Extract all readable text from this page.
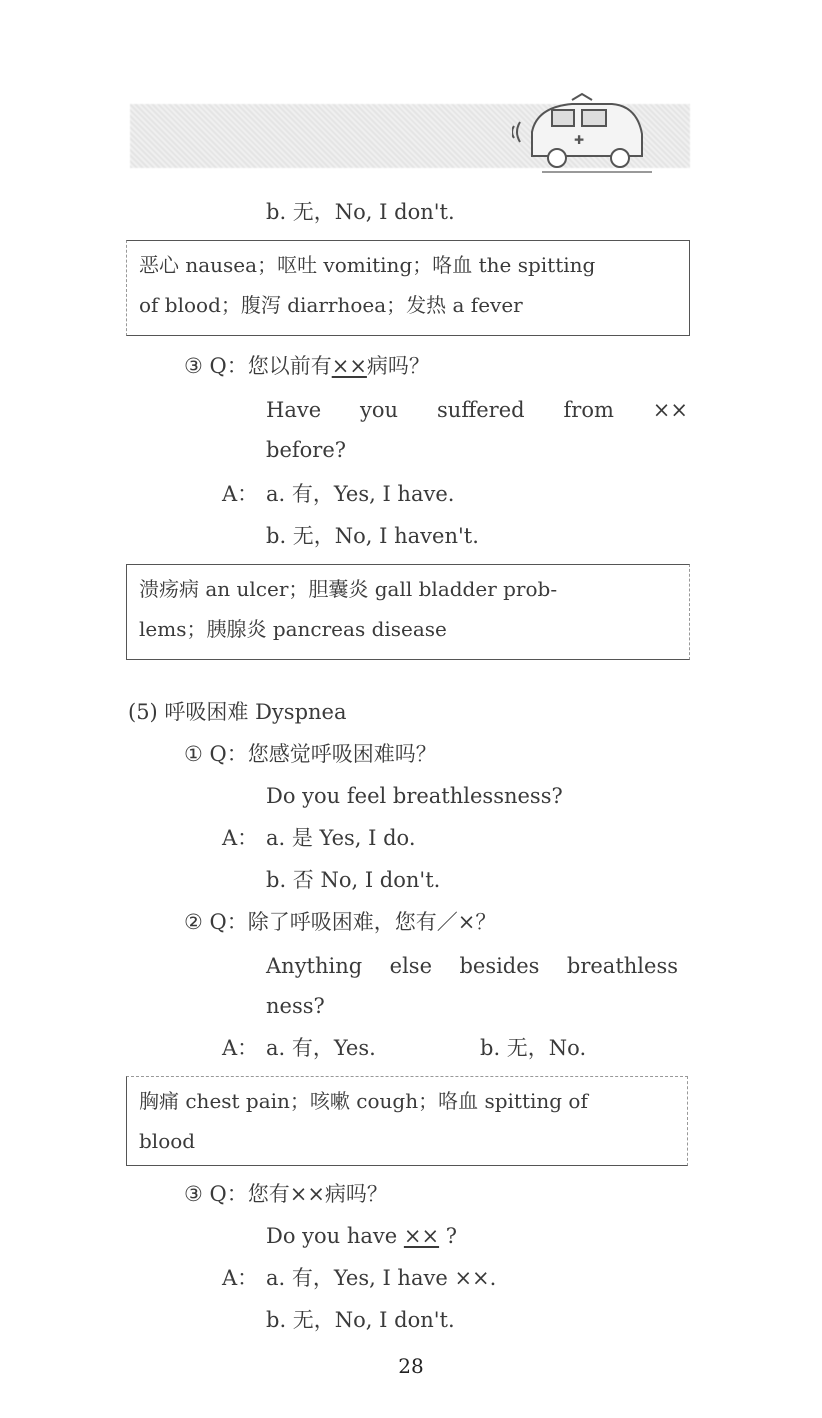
✚
b. 无，No, I don't.
恶心 nausea；呕吐 vomiting；咯血 the spitting
of blood；腹泻 diarrhoea；发热 a fever
③ Q：您以前有××病吗？
Have you suffered from ××
before?
A： a. 有，Yes, I have.
b. 无，No, I haven't.
溃疡病 an ulcer；胆囊炎 gall bladder prob-
lems；胰腺炎 pancreas disease
(5) 呼吸困难 Dyspnea
① Q：您感觉呼吸困难吗？
Do you feel breathlessness?
A： a. 是 Yes, I do.
b. 否 No, I don't.
② Q：除了呼吸困难，您有／×？
Anything else besides breathless
ness?
A： a. 有，Yes.	b. 无，No.
胸痛 chest pain；咳嗽 cough；咯血 spitting of
blood
③ Q：您有××病吗？
Do you have ×× ?
A： a. 有，Yes, I have ××.
b. 无，No, I don't.
28
